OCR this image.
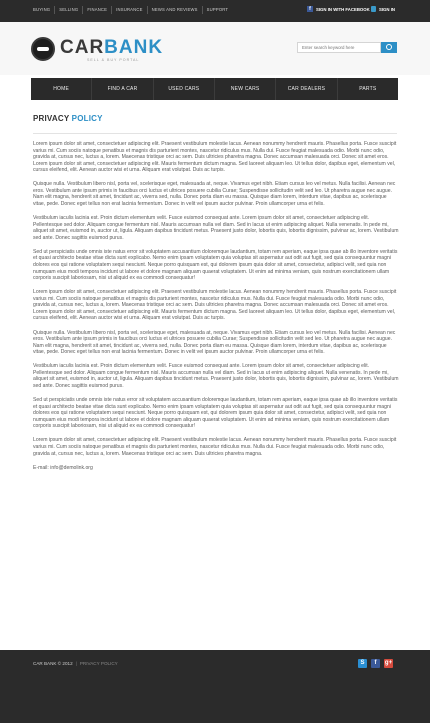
BUYING	SELLING	FINANCE	INSURANCE	NEWS AND REVIEWS	SUPPORT	f	SIGN IN WITH FACEBOOK SIGN IN
CARBANK
SELL & BUY PORTAL
Enter search keyword here
HOME	FIND A CAR	USED CARS	NEW CARS	CAR DEALERS	PARTS
PRIVACY POLICY

Lorem ipsum dolor sit amet, consectetuer adipiscing elit. Praesent vestibulum molestie lacus. Aenean nonummy hendrerit mauris. Phasellus porta. Fusce suscipit varius mi. Cum sociis natoque penatibus et magnis dis parturient montes, nascetur ridiculus mus. Nulla dui. Fusce feugiat malesuada odio. Morbi nunc odio, gravida at, cursus nec, luctus a, lorem. Maecenas tristique orci ac sem. Duis ultricies pharetra magna. Donec accumsan malesuada orci. Donec sit amet eros. Lorem ipsum dolor sit amet, consectetuer adipiscing elit. Mauris fermentum dictum magna. Sed laoreet aliquam leo. Ut tellus dolor, dapibus eget, elementum vel, cursus eleifend, elit. Aenean auctor wisi et urna. Aliquam erat volutpat. Duis ac turpis.

Quisque nulla. Vestibulum libero nisl, porta vel, scelerisque eget, malesuada at, neque. Vivamus eget nibh. Etiam cursus leo vel metus. Nulla facilisi. Aenean nec eros. Vestibulum ante ipsum primis in faucibus orci luctus et ultrices posuere cubilia Curae; Suspendisse sollicitudin velit sed leo. Ut pharetra augue nec augue. Nam elit magna, hendrerit sit amet, tincidunt ac, viverra sed, nulla. Donec porta diam eu massa. Quisque diam lorem, interdum vitae, dapibus ac, scelerisque vitae, pede. Donec eget tellus non erat lacinia fermentum. Donec in velit vel ipsum auctor pulvinar. Proin ullamcorper urna et felis.

Vestibulum iaculis lacinia est. Proin dictum elementum velit. Fusce euismod consequat ante. Lorem ipsum dolor sit amet, consectetuer adipiscing elit. Pellentesque sed dolor. Aliquam congue fermentum nisl. Mauris accumsan nulla vel diam. Sed in lacus ut enim adipiscing aliquet. Nulla venenatis. In pede mi, aliquet sit amet, euismod in, auctor ut, ligula. Aliquam dapibus tincidunt metus. Praesent justo dolor, lobortis quis, lobortis dignissim, pulvinar ac, lorem. Vestibulum sed ante. Donec sagittis euismod purus.

Sed ut perspiciatis unde omnis iste natus error sit voluptatem accusantium doloremque laudantium, totam rem aperiam, eaque ipsa quae ab illo inventore veritatis et quasi architecto beatae vitae dicta sunt explicabo. Nemo enim ipsam voluptatem quia voluptas sit aspernatur aut odit aut fugit, sed quia consequuntur magni dolores eos qui ratione voluptatem sequi nesciunt. Neque porro quisquam est, qui dolorem ipsum quia dolor sit amet, consectetur, adipisci velit, sed quia non numquam eius modi tempora incidunt ut labore et dolore magnam aliquam quaerat voluptatem. Ut enim ad minima veniam, quis nostrum exercitationem ullam corporis suscipit laboriosam, nisi ut aliquid ex ea commodi consequatur!

Lorem ipsum dolor sit amet, consectetuer adipiscing elit. Praesent vestibulum molestie lacus. Aenean nonummy hendrerit mauris. Phasellus porta. Fusce suscipit varius mi. Cum sociis natoque penatibus et magnis dis parturient montes, nascetur ridiculus mus. Nulla dui. Fusce feugiat malesuada odio. Morbi nunc odio, gravida at, cursus nec, luctus a, lorem. Maecenas tristique orci ac sem. Duis ultricies pharetra magna. Donec accumsan malesuada orci. Donec sit amet eros. Lorem ipsum dolor sit amet, consectetuer adipiscing elit. Mauris fermentum dictum magna. Sed laoreet aliquam leo. Ut tellus dolor, dapibus eget, elementum vel, cursus eleifend, elit. Aenean auctor wisi et urna. Aliquam erat volutpat. Duis ac turpis.

Quisque nulla. Vestibulum libero nisl, porta vel, scelerisque eget, malesuada at, neque. Vivamus eget nibh. Etiam cursus leo vel metus. Nulla facilisi. Aenean nec eros. Vestibulum ante ipsum primis in faucibus orci luctus et ultrices posuere cubilia Curae; Suspendisse sollicitudin velit sed leo. Ut pharetra augue nec augue. Nam elit magna, hendrerit sit amet, tincidunt ac, viverra sed, nulla. Donec porta diam eu massa. Quisque diam lorem, interdum vitae, dapibus ac, scelerisque vitae, pede. Donec eget tellus non erat lacinia fermentum. Donec in velit vel ipsum auctor pulvinar. Proin ullamcorper urna et felis.

Vestibulum iaculis lacinia est. Proin dictum elementum velit. Fusce euismod consequat ante. Lorem ipsum dolor sit amet, consectetuer adipiscing elit. Pellentesque sed dolor. Aliquam congue fermentum nisl. Mauris accumsan nulla vel diam. Sed in lacus ut enim adipiscing aliquet. Nulla venenatis. In pede mi, aliquet sit amet, euismod in, auctor ut, ligula. Aliquam dapibus tincidunt metus. Praesent justo dolor, lobortis quis, lobortis dignissim, pulvinar ac, lorem. Vestibulum sed ante. Donec sagittis euismod purus.

Sed ut perspiciatis unde omnis iste natus error sit voluptatem accusantium doloremque laudantium, totam rem aperiam, eaque ipsa quae ab illo inventore veritatis et quasi architecto beatae vitae dicta sunt explicabo. Nemo enim ipsam voluptatem quia voluptas sit aspernatur aut odit aut fugit, sed quia consequuntur magni dolores eos qui ratione voluptatem sequi nesciunt. Neque porro quisquam est, qui dolorem ipsum quia dolor sit amet, consectetur, adipisci velit, sed quia non numquam eius modi tempora incidunt ut labore et dolore magnam aliquam quaerat voluptatem. Ut enim ad minima veniam, quis nostrum exercitationem ullam corporis suscipit laboriosam, nisi ut aliquid ex ea commodi consequatur!

Lorem ipsum dolor sit amet, consectetuer adipiscing elit. Praesent vestibulum molestie lacus. Aenean nonummy hendrerit mauris. Phasellus porta. Fusce suscipit varius mi. Cum sociis natoque penatibus et magnis dis parturient montes, nascetur ridiculus mus. Nulla dui. Fusce feugiat malesuada odio. Morbi nunc odio, gravida at, cursus nec, luctus a, lorem. Maecenas tristique orci ac sem. Duis ultricies pharetra magna.

E-mail: info@demolink.org
CAR BANK © 2012 | PRIVACY POLICY	S	f	g+
